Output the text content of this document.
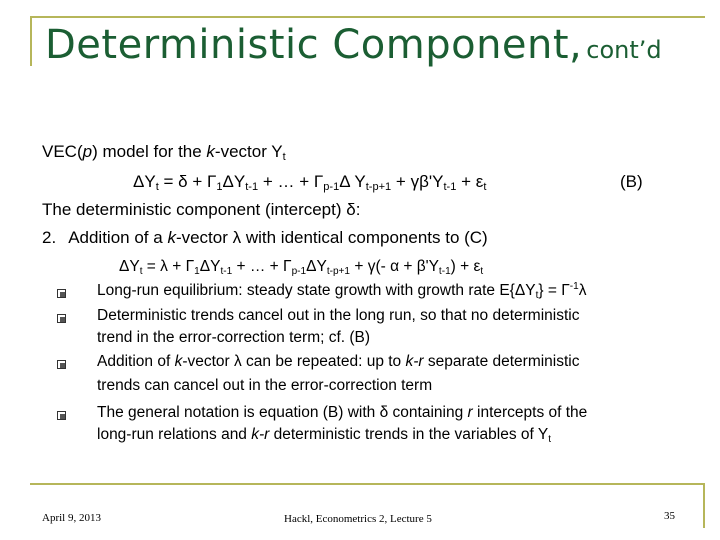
Deterministic Component, cont’d
VEC(p) model for the k-vector $Y_t$
$\Delta Y_t = \delta + \Gamma_1\Delta Y_{t-1}$ + … + $\Gamma_{p-1}\Delta$ $Y_{t-p+1} + \gamma\beta'Y_{t-1} + \varepsilon_t$	(B)
The deterministic component (intercept) δ:
2. Addition of a k-vector λ with identical components to (C)
$\Delta Y_t = \lambda + \Gamma_1\Delta Y_{t-1}$ + … + $\Gamma_{p-1}\Delta Y_{t-p+1} + \gamma(-$ $\alpha + \beta'Y_{t-1}) + \varepsilon_t$
Long-run equilibrium: steady state growth with growth rate $E\{\Delta Y_t\} = \Gamma^{-1}\lambda$
Deterministic trends cancel out in the long run, so that no deterministic
trend in the error-correction term; cf. (B)
Addition of k-vector λ can be repeated: up to k-r separate deterministic
trends can cancel out in the error-correction term
The general notation is equation (B) with δ containing r intercepts of the
long-run relations and k-r deterministic trends in the variables of $Y_t$
April 9, 2013	Hackl, Econometrics 2, Lecture 5	35
